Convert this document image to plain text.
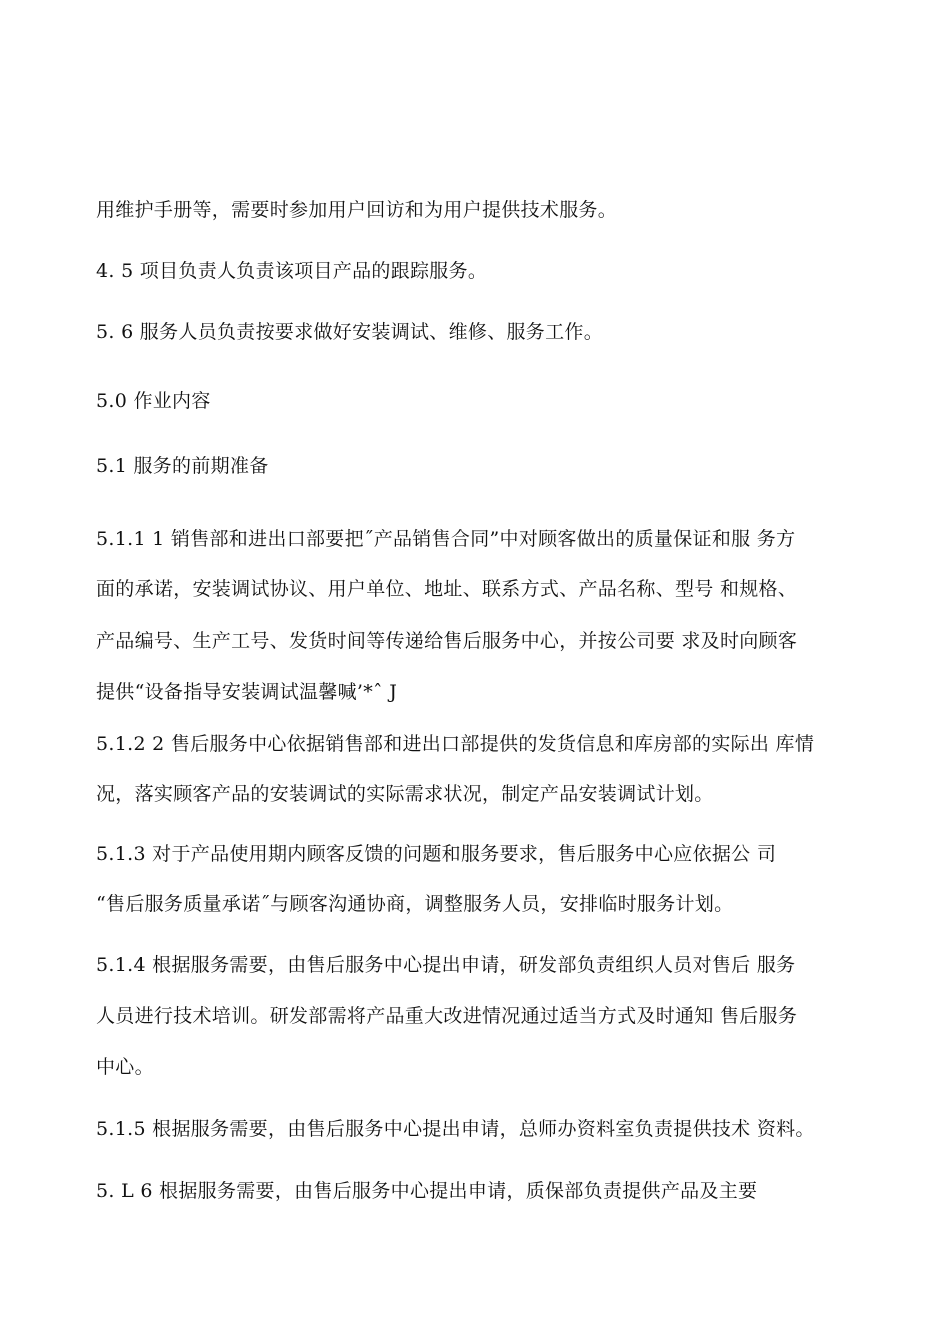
用维护手册等，需要时参加用户回访和为用户提供技术服务。
4. 5 项目负责人负责该项目产品的跟踪服务。
5. 6 服务人员负责按要求做好安装调试、维修、服务工作。
5.0 作业内容
5.1 服务的前期准备
5.1.1 1 销售部和进出口部要把˝产品销售合同”中对顾客做出的质量保证和服 务方
面的承诺，安装调试协议、用户单位、地址、联系方式、产品名称、型号 和规格、
产品编号、生产工号、发货时间等传递给售后服务中心，并按公司要 求及时向顾客
提供“设备指导安装调试温馨喊’*ˆ J
5.1.2 2 售后服务中心依据销售部和进出口部提供的发货信息和库房部的实际出 库情
况，落实顾客产品的安装调试的实际需求状况，制定产品安装调试计划。
5.1.3 对于产品使用期内顾客反馈的问题和服务要求，售后服务中心应依据公 司
“售后服务质量承诺˝与顾客沟通协商，调整服务人员，安排临时服务计划。
5.1.4 根据服务需要，由售后服务中心提出申请，研发部负责组织人员对售后 服务
人员进行技术培训。研发部需将产品重大改进情况通过适当方式及时通知 售后服务
中心。
5.1.5 根据服务需要，由售后服务中心提出申请，总师办资料室负责提供技术 资料。
5. L 6 根据服务需要，由售后服务中心提出申请，质保部负责提供产品及主要
